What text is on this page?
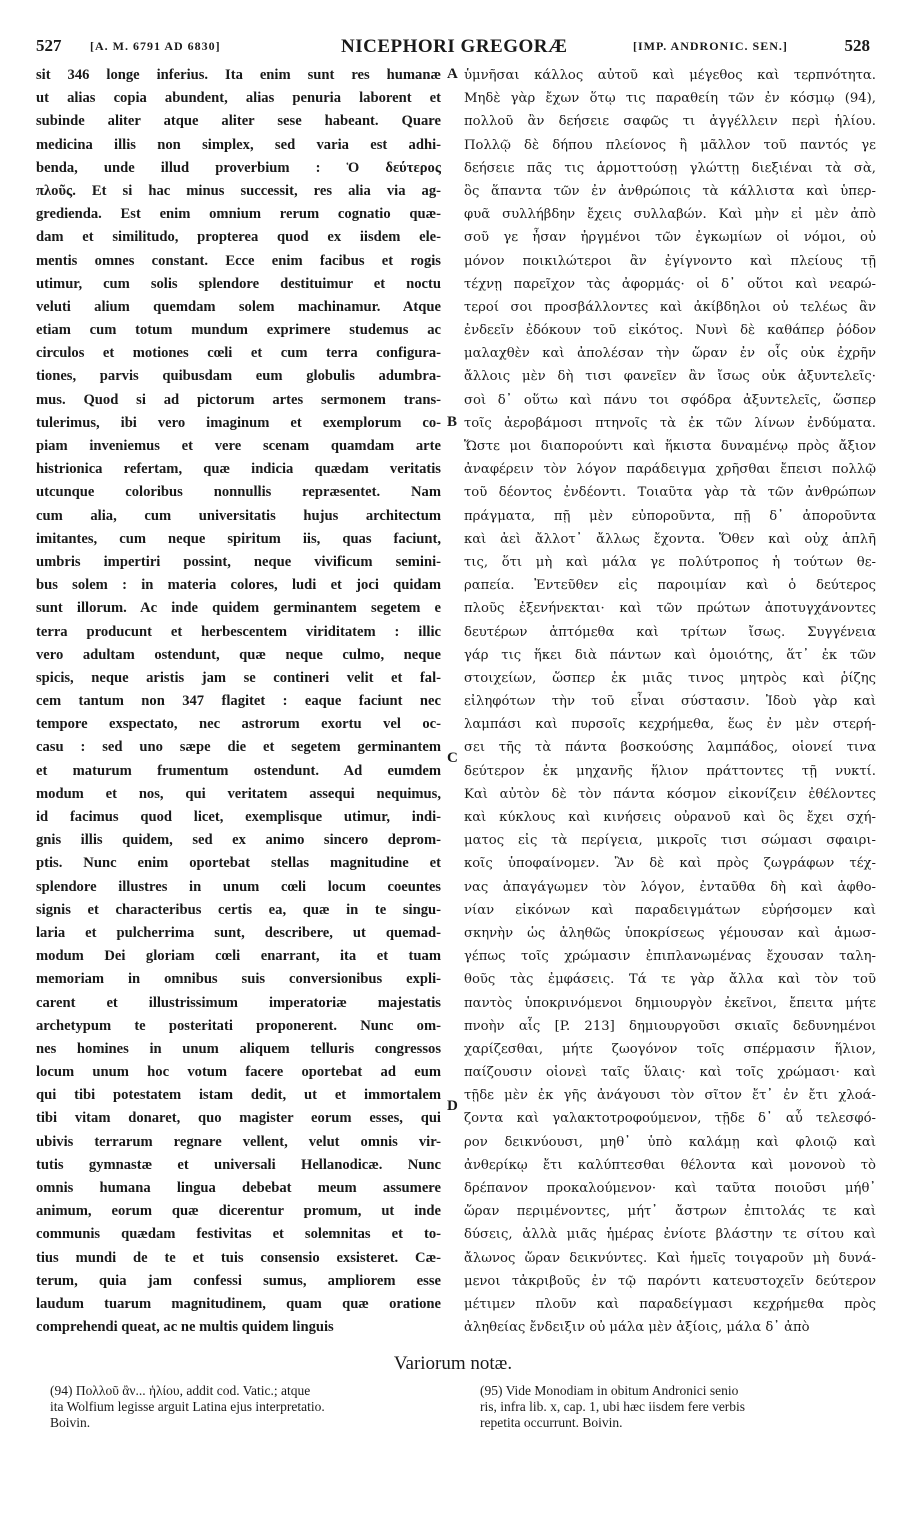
527 [A. M. 6791 AD 6830]	NICEPHORI GREGORÆ	[IMP. ANDRONIC. SEN.]	528
sit 346 longe inferius. Ita enim sunt res humanæ
ut alias copia abundent, alias penuria laborent et
subinde aliter atque aliter sese habeant. Quare
medicina illis non simplex, sed varia est adhi-
benda, unde illud proverbium : Ὁ δεύτερος
πλοῦς. Et si hac minus successit, res alia via ag-
gredienda. Est enim omnium rerum cognatio quæ-
dam et similitudo, propterea quod ex iisdem ele-
mentis omnes constant. Ecce enim facibus et rogis
utimur, cum solis splendore destituimur et noctu
veluti alium quemdam solem machinamur. Atque
etiam cum totum mundum exprimere studemus ac
circulos et motiones cœli et cum terra configura-
tiones, parvis quibusdam eum globulis adumbra-
mus. Quod si ad pictorum artes sermonem trans-
tulerimus, ibi vero imaginum et exemplorum co-
piam inveniemus et vere scenam quamdam arte
histrionica refertam, quæ indicia quædam veritatis
utcunque coloribus nonnullis repræsentet. Nam
cum alia, cum universitatis hujus architectum
imitantes, cum neque spiritum iis, quas faciunt,
umbris impertiri possint, neque vivificum semini-
bus solem : in materia colores, ludi et joci quidam
sunt illorum. Ac inde quidem germinantem segetem e
terra producunt et herbescentem viriditatem : illic
vero adultam ostendunt, quæ neque culmo, neque
spicis, neque aristis jam se contineri velit et fal-
cem tantum non 347 flagitet : eaque faciunt nec
tempore exspectato, nec astrorum exortu vel oc-
casu : sed uno sæpe die et segetem germinantem
et maturum frumentum ostendunt. Ad eumdem
modum et nos, qui veritatem assequi nequimus,
id facimus quod licet, exemplisque utimur, indi-
gnis illis quidem, sed ex animo sincero deprom-
ptis. Nunc enim oportebat stellas magnitudine et
splendore illustres in unum cœli locum coeuntes
signis et characteribus certis ea, quæ in te singu-
laria et pulcherrima sunt, describere, ut quemad-
modum Dei gloriam cœli enarrant, ita et tuam
memoriam in omnibus suis conversionibus expli-
carent et illustrissimum imperatoriæ majestatis
archetypum te posteritati proponerent. Nunc om-
nes homines in unum aliquem telluris congressos
locum unum hoc votum facere oportebat ad eum
qui tibi potestatem istam dedit, ut et immortalem
tibi vitam donaret, quo magister eorum esses, qui
ubivis terrarum regnare vellent, velut omnis vir-
tutis gymnastæ et universali Hellanodicæ. Nunc
omnis humana lingua debebat meum assumere
animum, eorum quæ dicerentur promum, ut inde
communis quædam festivitas et solemnitas et to-
tius mundi de te et tuis consensio exsisteret. Cæ-
terum, quia jam confessi sumus, ampliorem esse
laudum tuarum magnitudinem, quam quæ oratione
comprehendi queat, ac ne multis quidem linguis
ὑμνῆσαι κάλλος αὐτοῦ καὶ μέγεθος καὶ τερπνότητα.
Μηδὲ γὰρ ἔχων ὅτῳ τις παραθείη τῶν ἐν κόσμῳ (94),
πολλοῦ ἂν δεήσειε σαφῶς τι ἀγγέλλειν περὶ ἡλίου.
Πολλῷ δὲ δήπου πλείονος ἢ μᾶλλον τοῦ παντός γε
δεήσειε πᾶς τις ἁρμοττούσῃ γλώττῃ διεξιέναι τὰ σὰ,
ὃς ἅπαντα τῶν ἐν ἀνθρώποις τὰ κάλλιστα καὶ ὑπερ-
φυᾶ συλλήβδην ἔχεις συλλαβών. Καὶ μὴν εἰ μὲν ἀπὸ
σοῦ γε ἦσαν ἠργμένοι τῶν ἐγκωμίων οἱ νόμοι, οὐ
μόνον ποικιλώτεροι ἂν ἐγίγνοντο καὶ πλείους τῇ
τέχνῃ παρεῖχον τὰς ἀφορμάς· οἱ δ᾽ οὕτοι καὶ νεαρώ-
τεροί σοι προσβάλλοντες καὶ ἀκίβδηλοι οὐ τελέως ἂν
ἐνδεεῖν ἐδόκουν τοῦ εἰκότος. Νυνὶ δὲ καθάπερ ῥόδον
μαλαχθὲν καὶ ἀπολέσαν τὴν ὥραν ἐν οἷς οὐκ ἐχρῆν
ἄλλοις μὲν δὴ τισι φανεῖεν ἂν ἴσως οὐκ ἀξυντελεῖς·
σοὶ δ᾽ οὕτω καὶ πάνυ τοι σφόδρα ἀξυντελεῖς, ὥσπερ
τοῖς ἀεροβάμοσι πτηνοῖς τὰ ἐκ τῶν λίνων ἐνδύματα.
Ὥστε μοι διαπορούντι καὶ ἥκιστα δυναμένῳ πρὸς ἄξιον
ἀναφέρειν τὸν λόγον παράδειγμα χρῆσθαι ἔπεισι πολλῷ
τοῦ δέοντος ἐνδέοντι. Τοιαῦτα γὰρ τὰ τῶν ἀνθρώπων
πράγματα, πῇ μὲν εὐποροῦντα, πῇ δ᾽ ἀποροῦντα
καὶ ἀεὶ ἄλλοτ᾽ ἄλλως ἔχοντα. Ὅθεν καὶ οὐχ ἁπλῆ
τις, ὅτι μὴ καὶ μάλα γε πολύτροπος ἡ τούτων θε-
ραπεία. Ἐντεῦθεν εἰς παροιμίαν καὶ ὁ δεύτερος
πλοῦς ἐξενήνεκται· καὶ τῶν πρώτων ἀποτυγχάνοντες
δευτέρων ἀπτόμεθα καὶ τρίτων ἴσως. Συγγένεια
γάρ τις ἥκει διὰ πάντων καὶ ὁμοιότης, ἅτ᾽ ἐκ τῶν
στοιχείων, ὥσπερ ἐκ μιᾶς τινος μητρὸς καὶ ῥίζης
εἰληφότων τὴν τοῦ εἶναι σύστασιν. Ἰδοὺ γὰρ καὶ
λαμπάσι καὶ πυρσοῖς κεχρήμεθα, ἕως ἐν μὲν στερή-
σει τῆς τὰ πάντα βοσκούσης λαμπάδος, οἱονεί τινα
δεύτερον ἐκ μηχανῆς ἥλιον πράττοντες τῇ νυκτί.
Καὶ αὐτὸν δὲ τὸν πάντα κόσμον εἰκονίζειν ἐθέλοντες
καὶ κύκλους καὶ κινήσεις οὐρανοῦ καὶ ὃς ἔχει σχή-
ματος εἰς τὰ περίγεια, μικροῖς τισι σώμασι σφαιρι-
κοῖς ὑποφαίνομεν. Ἂν δὲ καὶ πρὸς ζωγράφων τέχ-
νας ἀπαγάγωμεν τὸν λόγον, ἐνταῦθα δὴ καὶ ἀφθο-
νίαν εἰκόνων καὶ παραδειγμάτων εὑρήσομεν καὶ
σκηνὴν ὡς ἀληθῶς ὑποκρίσεως γέμουσαν καὶ ἁμωσ-
γέπως τοῖς χρώμασιν ἐπιπλανωμένας ἔχουσαν ταλη-
θοῦς τὰς ἐμφάσεις. Τά τε γὰρ ἄλλα καὶ τὸν τοῦ
παντὸς ὑποκρινόμενοι δημιουργὸν ἐκεῖνοι, ἔπειτα μήτε
πνοὴν αἷς [P. 213] δημιουργοῦσι σκιαῖς δεδυνημένοι
χαρίζεσθαι, μήτε ζωογόνον τοῖς σπέρμασιν ἥλιον,
παίζουσιν οἱονεὶ ταῖς ὕλαις· καὶ τοῖς χρώμασι· καὶ
τῇδε μὲν ἐκ γῆς ἀνάγουσι τὸν σῖτον ἔτ᾽ ἐν ἔτι χλοά-
ζοντα καὶ γαλακτοτροφούμενον, τῇδε δ᾽ αὖ τελεσφό-
ρον δεικνύουσι, μηθ᾽ ὑπὸ καλάμῃ καὶ φλοιῷ καὶ
ἀνθερίκῳ ἔτι καλύπτεσθαι θέλοντα καὶ μονονοὺ τὸ
δρέπανον προκαλούμενον· καὶ ταῦτα ποιοῦσι μήθ᾽
ὥραν περιμένοντες, μήτ᾽ ἄστρων ἐπιτολάς τε καὶ
δύσεις, ἀλλὰ μιᾶς ἡμέρας ἐνίοτε βλάστην τε σίτου καὶ
ἄλωνος ὥραν δεικνύντες. Καὶ ἡμεῖς τοιγαροῦν μὴ δυνά-
μενοι τἀκριβοῦς ἐν τῷ παρόντι κατευστοχεῖν δεύτερον
μέτιμεν πλοῦν καὶ παραδείγμασι κεχρήμεθα πρὸς
ἀληθείας ἔνδειξιν οὐ μάλα μὲν ἀξίοις, μάλα δ᾽ ἀπὸ
A
B
C
D
Variorum notæ.
(94) Πολλοῦ ἂν... ἡλίου, addit cod. Vatic.; atque
ita Wolfium legisse arguit Latina ejus interpretatio.
Boivin.
(95) Vide Monodiam in obitum Andronici senio
ris, infra lib. x, cap. 1, ubi hæc iisdem fere verbis
repetita occurrunt. Boivin.
